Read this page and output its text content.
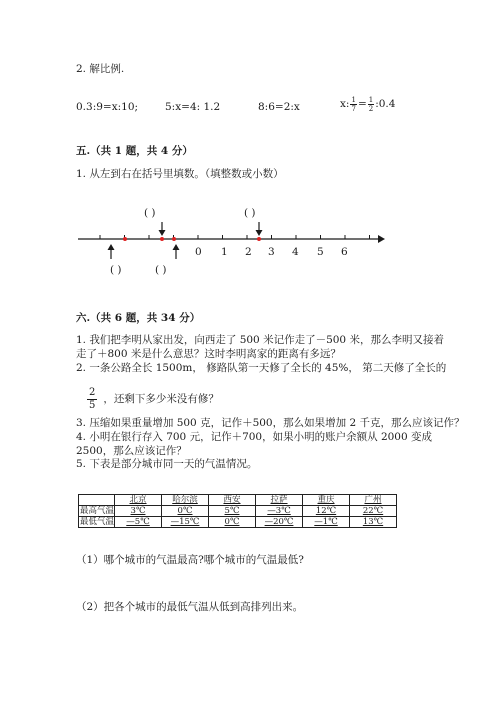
2. 解比例.
0.3:9=x:10;	5:x=4: 1.2	8:6=2:x	x: $\frac{1}{7} = \frac{1}{2}$ :0.4
五.（共 1 题，共 4 分）
1. 从左到右在括号里填数。（填整数或小数）
( )	( )
( )	( )
0 1 2 3 4 5 6
六.（共 6 题，共 34 分）
1. 我们把李明从家出发，向西走了 500 米记作走了－500 米，那么李明又接着
走了＋800 米是什么意思？这时李明离家的距离有多远？
2. 一条公路全长 1500m， 修路队第一天修了全长的 45%， 第二天修了全长的
$\frac{2}{5}$ ，还剩下多少米没有修？
3. 压缩如果重量增加 500 克，记作＋500，那么如果增加 2 千克，那么应该记作？
4. 小明在银行存入 700 元，记作＋700，如果小明的账户余额从 2000 变成
2500，那么应该记作？
5. 下表是部分城市同一天的气温情况。
	北京	哈尔滨	西安	拉萨	重庆	广州
最高气温	3℃	0℃	5℃	—3℃	12℃	22℃
最低气温	—5℃	—15℃	0℃	—20℃	—1℃	13℃
（1）哪个城市的气温最高?哪个城市的气温最低?
（2）把各个城市的最低气温从低到高排列出来。
